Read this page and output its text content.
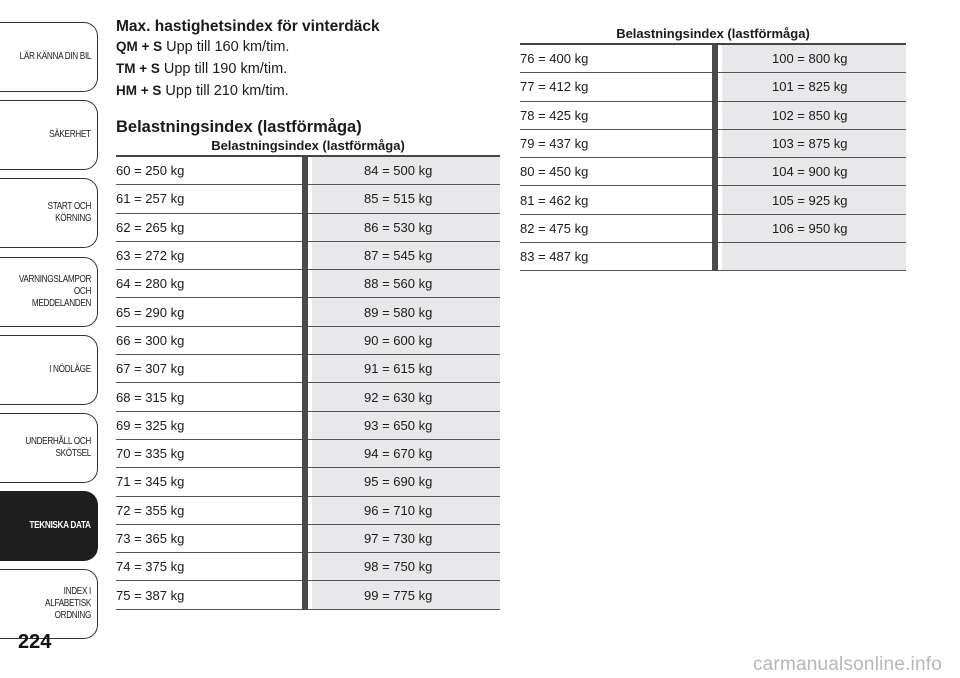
LÄR KÄNNA DIN BIL
SÄKERHET
START OCH
KÖRNING
VARNINGSLAMPOR
OCH
MEDDELANDEN
I NÖDLÄGE
UNDERHÅLL OCH
SKÖTSEL
TEKNISKA DATA
INDEX I ALFABETISK
ORDNING
224

Max. hastighetsindex för vinterdäck

QM + S Upp till 160 km/tim.
TM + S Upp till 190 km/tim.
HM + S Upp till 210 km/tim.

Belastningsindex (lastförmåga)

Belastningsindex (lastförmåga)
60 = 250 kg			84 = 500 kg
61 = 257 kg			85 = 515 kg
62 = 265 kg			86 = 530 kg
63 = 272 kg			87 = 545 kg
64 = 280 kg			88 = 560 kg
65 = 290 kg			89 = 580 kg
66 = 300 kg			90 = 600 kg
67 = 307 kg			91 = 615 kg
68 = 315 kg			92 = 630 kg
69 = 325 kg			93 = 650 kg
70 = 335 kg			94 = 670 kg
71 = 345 kg			95 = 690 kg
72 = 355 kg			96 = 710 kg
73 = 365 kg			97 = 730 kg
74 = 375 kg			98 = 750 kg
75 = 387 kg			99 = 775 kg
Belastningsindex (lastförmåga)
76 = 400 kg			100 = 800 kg
77 = 412 kg			101 = 825 kg
78 = 425 kg			102 = 850 kg
79 = 437 kg			103 = 875 kg
80 = 450 kg			104 = 900 kg
81 = 462 kg			105 = 925 kg
82 = 475 kg			106 = 950 kg
83 = 487 kg			
carmanualsonline.info
